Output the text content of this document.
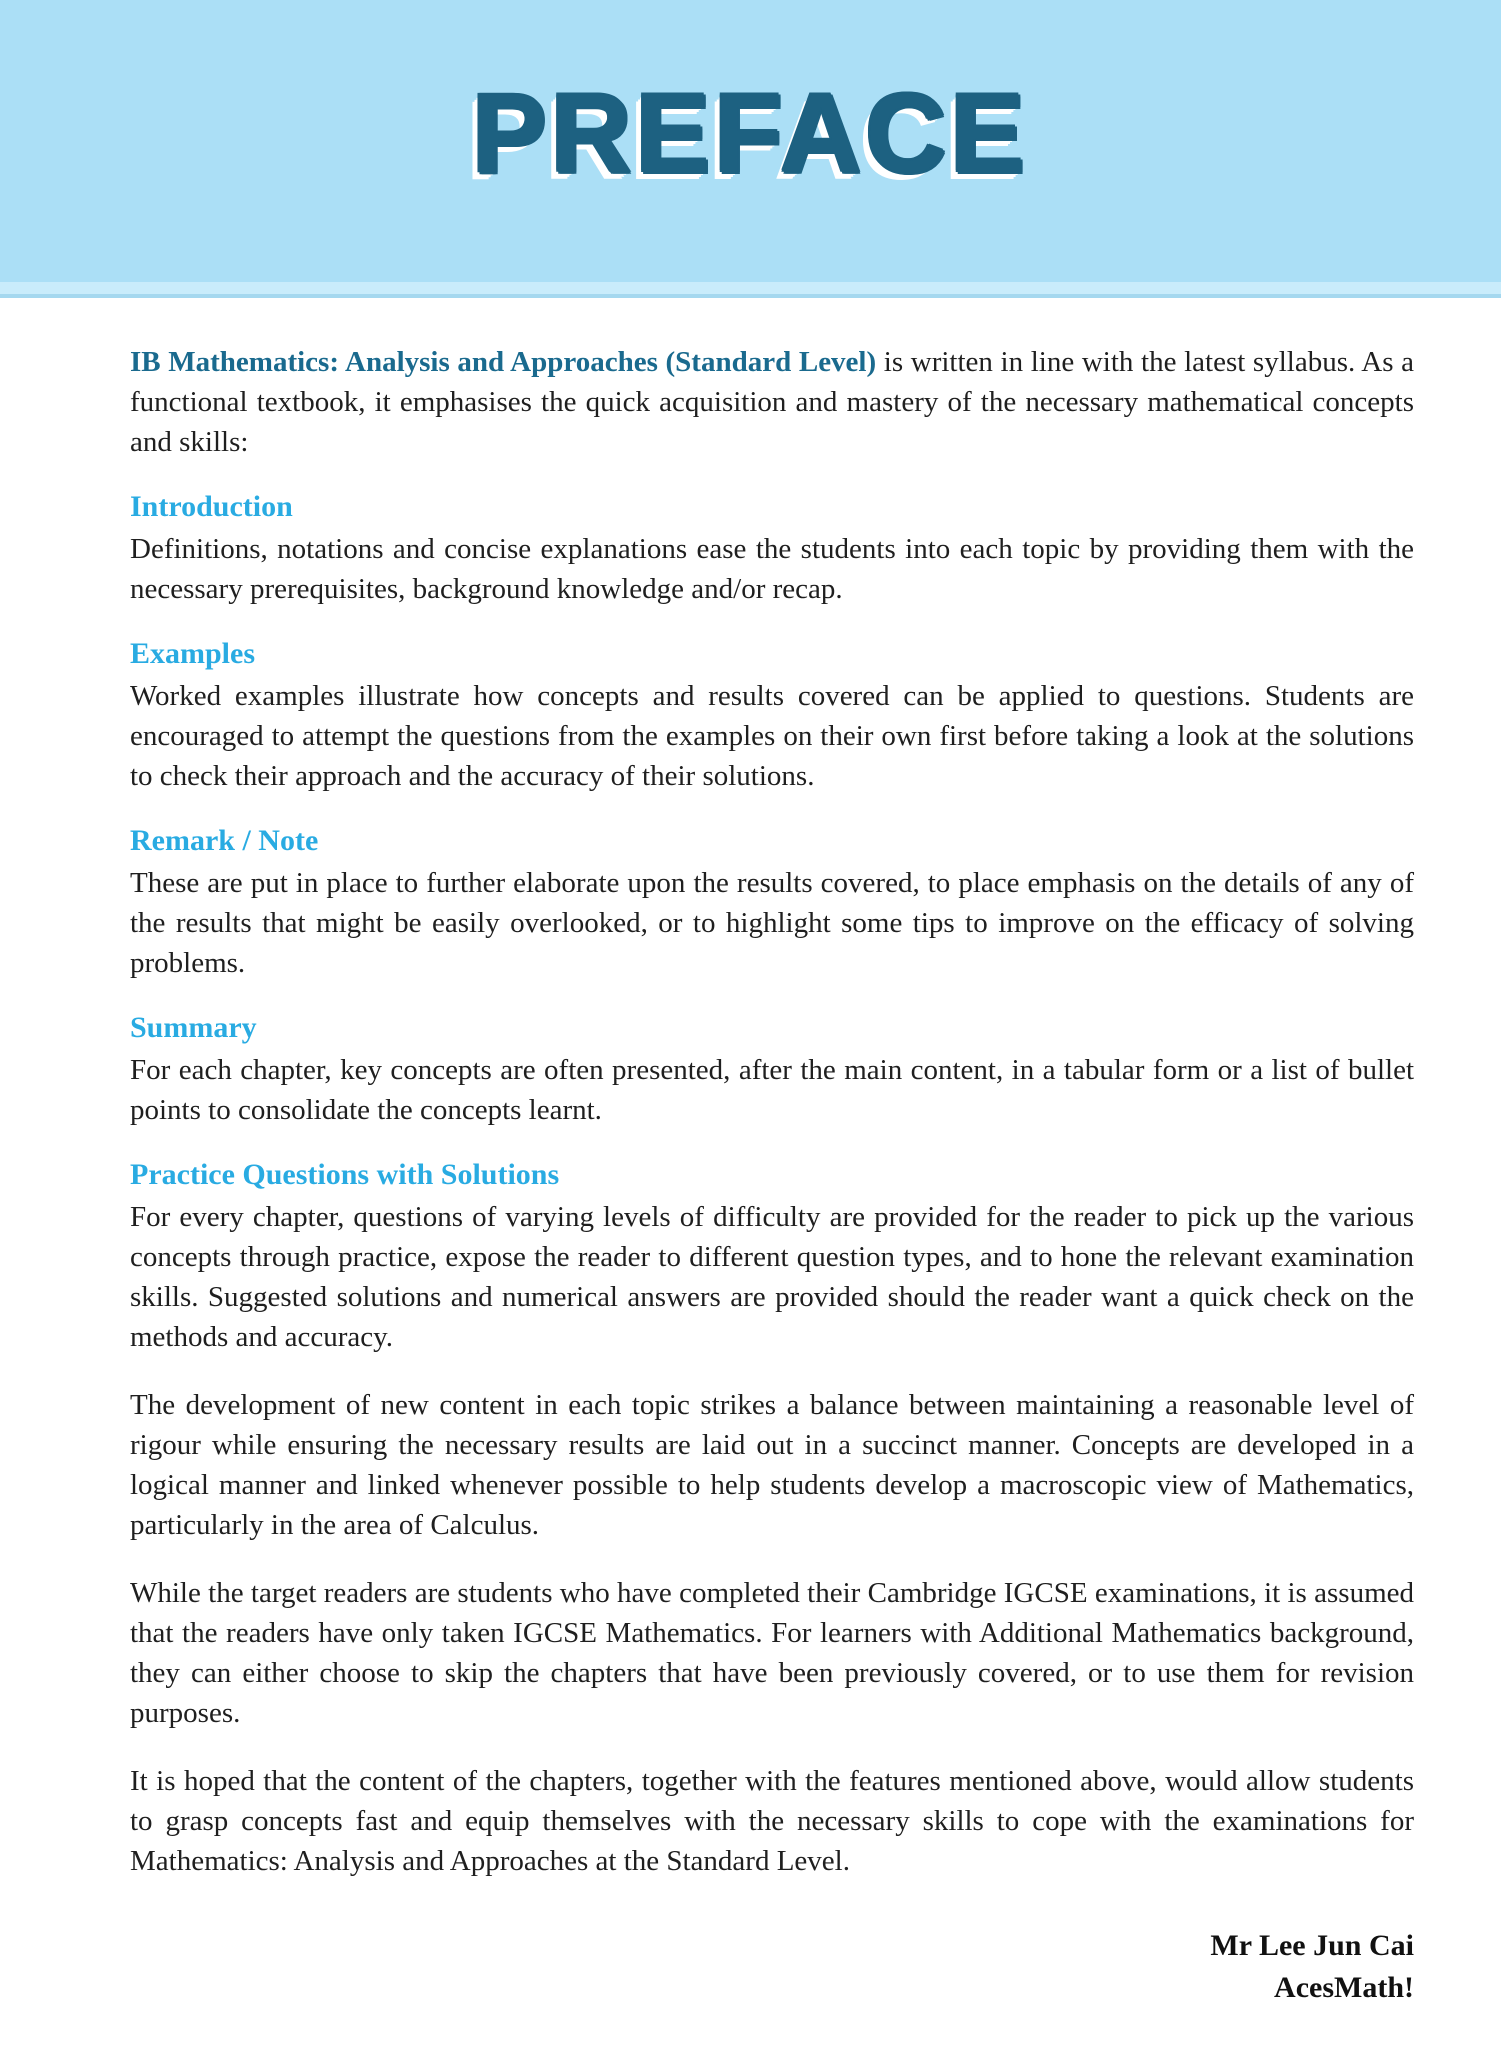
PREFACE

IB Mathematics: Analysis and Approaches (Standard Level) is written in line with the latest syllabus. As a functional textbook, it emphasises the quick acquisition and mastery of the necessary mathematical concepts and skills:

Introduction

Definitions, notations and concise explanations ease the students into each topic by providing them with the necessary prerequisites, background knowledge and/or recap.

Examples

Worked examples illustrate how concepts and results covered can be applied to questions. Students are encouraged to attempt the questions from the examples on their own first before taking a look at the solutions to check their approach and the accuracy of their solutions.

Remark / Note

These are put in place to further elaborate upon the results covered, to place emphasis on the details of any of the results that might be easily overlooked, or to highlight some tips to improve on the efficacy of solving problems.

Summary

For each chapter, key concepts are often presented, after the main content, in a tabular form or a list of bullet points to consolidate the concepts learnt.

Practice Questions with Solutions

For every chapter, questions of varying levels of difficulty are provided for the reader to pick up the various concepts through practice, expose the reader to different question types, and to hone the relevant examination skills. Suggested solutions and numerical answers are provided should the reader want a quick check on the methods and accuracy.

The development of new content in each topic strikes a balance between maintaining a reasonable level of rigour while ensuring the necessary results are laid out in a succinct manner. Concepts are developed in a logical manner and linked whenever possible to help students develop a macroscopic view of Mathematics, particularly in the area of Calculus.

While the target readers are students who have completed their Cambridge IGCSE examinations, it is assumed that the readers have only taken IGCSE Mathematics. For learners with Additional Mathematics background, they can either choose to skip the chapters that have been previously covered, or to use them for revision purposes.

It is hoped that the content of the chapters, together with the features mentioned above, would allow students to grasp concepts fast and equip themselves with the necessary skills to cope with the examinations for Mathematics: Analysis and Approaches at the Standard Level.

Mr Lee Jun Cai
AcesMath!
